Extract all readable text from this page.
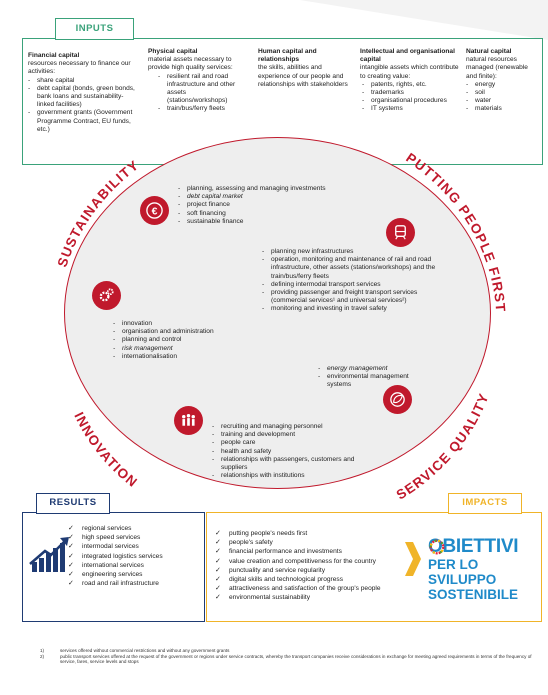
INPUTS
Financial capital
resources necessary to finance our activities:
- share capital
- debt capital (bonds, green bonds, bank loans and sustainability-linked facilities)
- government grants (Government Programme Contract, EU funds, etc.)
Physical capital
material assets necessary to provide high quality services:
- resilient rail and road infrastructure and other assets (stations/workshops)
- train/bus/ferry fleets
Human capital and relationships
the skills, abilities and experience of our people and relationships with stakeholders
Intellectual and organisational capital
intangible assets which contribute to creating value:
- patents, rights, etc.
- trademarks
- organisational procedures
- IT systems
Natural capital
natural resources managed (renewable and finite):
- energy
- soil
- water
- materials
SUSTAINABILITY	PUTTING PEOPLE FIRST
INNOVATION
SERVICE QUALITY
€
- planning, assessing and managing investments
- debt capital market
- project finance
- soft financing
- sustainable finance
- planning new infrastructures
- operation, monitoring and maintenance of rail and road infrastructure, other assets (stations/workshops) and the train/bus/ferry fleets
- defining intermodal transport services
- providing passenger and freight transport services (commercial services¹ and universal services²)
- monitoring and investing in travel safety
- innovation
- organisation and administration
- planning and control
- risk management
- internationalisation
- energy management
- environmental management systems
- recruiting and managing personnel
- training and development
- people care
- health and safety
- relationships with passengers, customers and suppliers
- relationships with institutions
RESULTS
✓ regional services
✓ high speed services
✓ intermodal services
✓ integrated logistics services
✓ international services
✓ engineering services
✓ road and rail infrastructure
IMPACTS
✓ putting people's needs first
✓ people's safety
✓ financial performance and investments
✓ value creation and competitiveness for the country
✓ punctuality and service regularity
✓ digital skills and technological progress
✓ attractiveness and satisfaction of the group's people
✓ environmental sustainability
OBIETTIVI
PER LO SVILUPPO
SOSTENIBILE
1)	services offered without commercial restrictions and without any government grants
2)	public transport services offered at the request of the government or regions under service contracts, whereby the transport companies receive considerations in exchange for meeting agreed requirements in terms of the frequency of service, fares, service levels and stops
